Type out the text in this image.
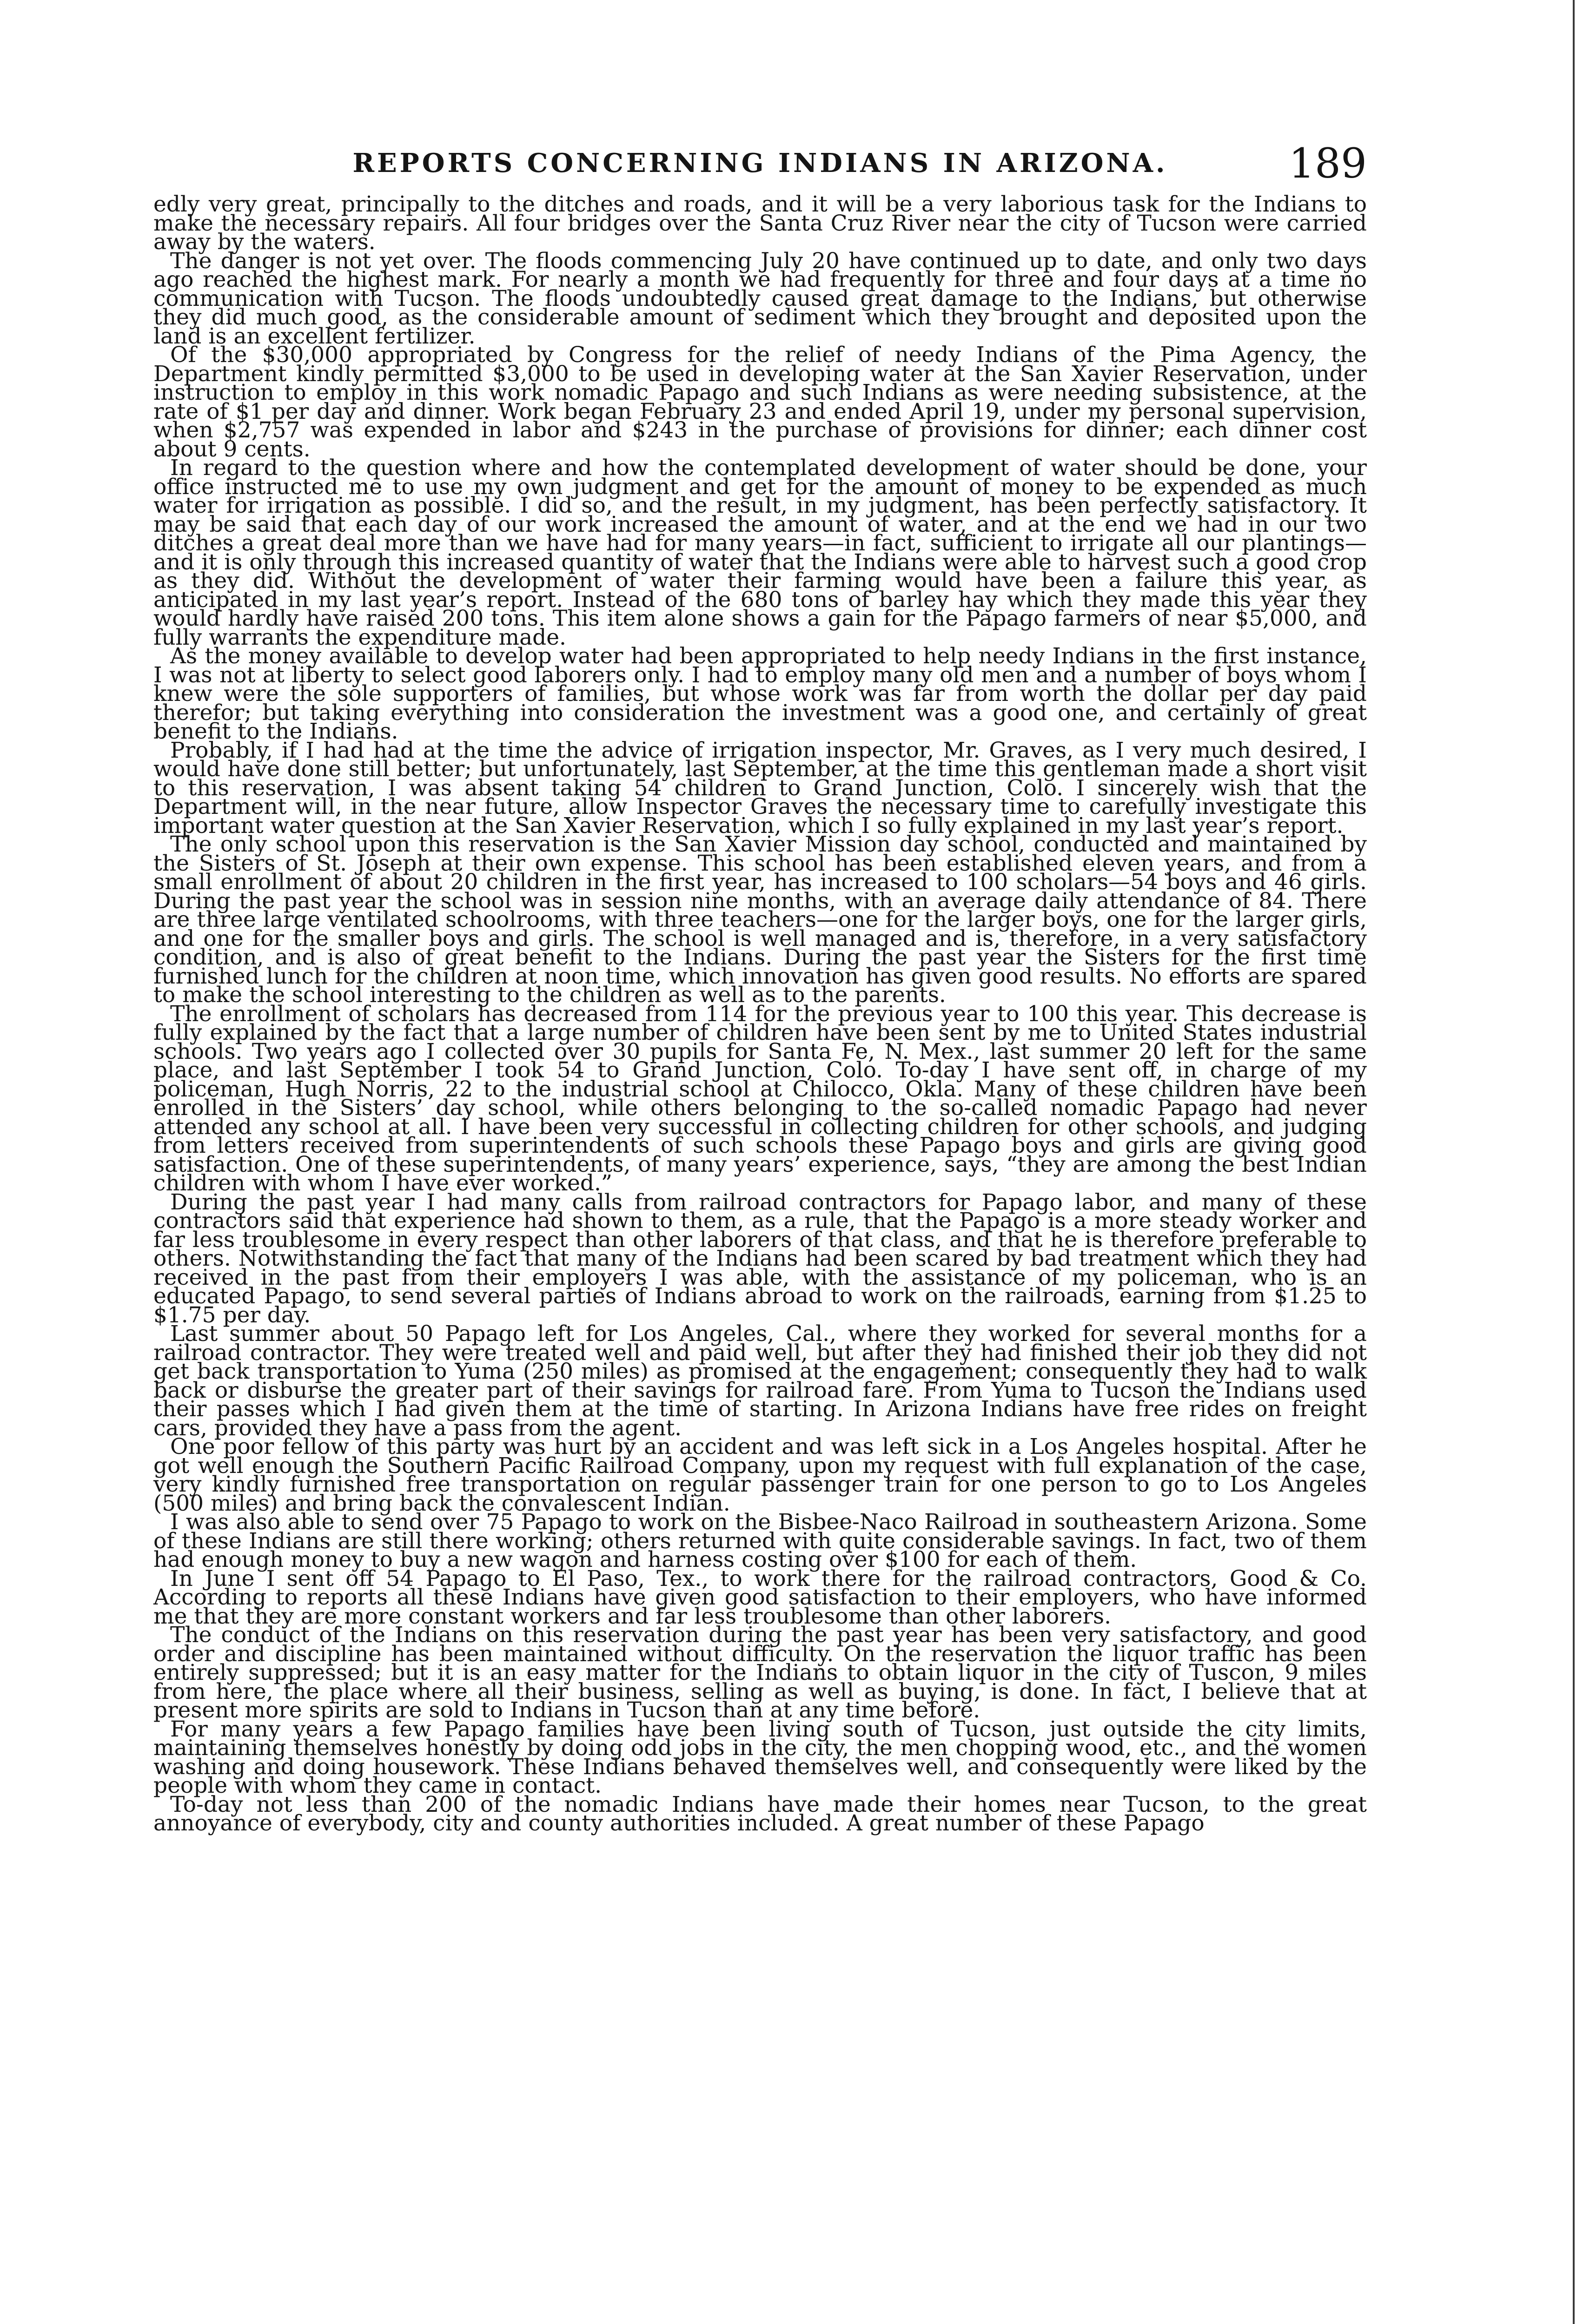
REPORTS CONCERNING INDIANS IN ARIZONA.	189

edly very great, principally to the ditches and roads, and it will be a very laborious task for the Indians to make the necessary repairs. All four bridges over the Santa Cruz River near the city of Tucson were carried away by the waters.

The danger is not yet over. The floods commencing July 20 have continued up to date, and only two days ago reached the highest mark. For nearly a month we had frequently for three and four days at a time no communication with Tucson. The floods undoubtedly caused great damage to the Indians, but otherwise they did much good, as the considerable amount of sediment which they brought and deposited upon the land is an excellent fertilizer.

Of the $30,000 appropriated by Congress for the relief of needy Indians of the Pima Agency, the Department kindly permitted $3,000 to be used in developing water at the San Xavier Reservation, under instruction to employ in this work nomadic Papago and such Indians as were needing subsistence, at the rate of $1 per day and dinner. Work began February 23 and ended April 19, under my personal supervision, when $2,757 was expended in labor and $243 in the purchase of provisions for dinner; each dinner cost about 9 cents.

In regard to the question where and how the contemplated development of water should be done, your office instructed me to use my own judgment and get for the amount of money to be expended as much water for irrigation as possible. I did so, and the result, in my judgment, has been perfectly satisfactory. It may be said that each day of our work increased the amount of water, and at the end we had in our two ditches a great deal more than we have had for many years—in fact, sufficient to irrigate all our plantings—and it is only through this increased quantity of water that the Indians were able to harvest such a good crop as they did. Without the development of water their farming would have been a failure this year, as anticipated in my last year’s report. Instead of the 680 tons of barley hay which they made this year they would hardly have raised 200 tons. This item alone shows a gain for the Papago farmers of near $5,000, and fully warrants the expenditure made.

As the money available to develop water had been appropriated to help needy Indians in the first instance, I was not at liberty to select good laborers only. I had to employ many old men and a number of boys whom I knew were the sole supporters of families, but whose work was far from worth the dollar per day paid therefor; but taking everything into consideration the investment was a good one, and certainly of great benefit to the Indians.

Probably, if I had had at the time the advice of irrigation inspector, Mr. Graves, as I very much desired, I would have done still better; but unfortunately, last September, at the time this gentleman made a short visit to this reservation, I was absent taking 54 children to Grand Junction, Colo. I sincerely wish that the Department will, in the near future, allow Inspector Graves the necessary time to carefully investigate this important water question at the San Xavier Reservation, which I so fully explained in my last year’s report.

The only school upon this reservation is the San Xavier Mission day school, conducted and maintained by the Sisters of St. Joseph at their own expense. This school has been established eleven years, and from a small enrollment of about 20 children in the first year, has increased to 100 scholars—54 boys and 46 girls. During the past year the school was in session nine months, with an average daily attendance of 84. There are three large ventilated schoolrooms, with three teachers—one for the larger boys, one for the larger girls, and one for the smaller boys and girls. The school is well managed and is, therefore, in a very satisfactory condition, and is also of great benefit to the Indians. During the past year the Sisters for the first time furnished lunch for the children at noon time, which innovation has given good results. No efforts are spared to make the school interesting to the children as well as to the parents.

The enrollment of scholars has decreased from 114 for the previous year to 100 this year. This decrease is fully explained by the fact that a large number of children have been sent by me to United States industrial schools. Two years ago I collected over 30 pupils for Santa Fe, N. Mex., last summer 20 left for the same place, and last September I took 54 to Grand Junction, Colo. To-day I have sent off, in charge of my policeman, Hugh Norris, 22 to the industrial school at Chilocco, Okla. Many of these children have been enrolled in the Sisters’ day school, while others belonging to the so-called nomadic Papago had never attended any school at all. I have been very successful in collecting children for other schools, and judging from letters received from superintendents of such schools these Papago boys and girls are giving good satisfaction. One of these superintendents, of many years’ experience, says, “they are among the best Indian children with whom I have ever worked.”

During the past year I had many calls from railroad contractors for Papago labor, and many of these contractors said that experience had shown to them, as a rule, that the Papago is a more steady worker and far less troublesome in every respect than other laborers of that class, and that he is therefore preferable to others. Notwithstanding the fact that many of the Indians had been scared by bad treatment which they had received in the past from their employers I was able, with the assistance of my policeman, who is an educated Papago, to send several parties of Indians abroad to work on the railroads, earning from $1.25 to $1.75 per day.

Last summer about 50 Papago left for Los Angeles, Cal., where they worked for several months for a railroad contractor. They were treated well and paid well, but after they had finished their job they did not get back transportation to Yuma (250 miles) as promised at the engagement; consequently they had to walk back or disburse the greater part of their savings for railroad fare. From Yuma to Tucson the Indians used their passes which I had given them at the time of starting. In Arizona Indians have free rides on freight cars, provided they have a pass from the agent.

One poor fellow of this party was hurt by an accident and was left sick in a Los Angeles hospital. After he got well enough the Southern Pacific Railroad Company, upon my request with full explanation of the case, very kindly furnished free transportation on regular passenger train for one person to go to Los Angeles (500 miles) and bring back the convalescent Indian.

I was also able to send over 75 Papago to work on the Bisbee-Naco Railroad in southeastern Arizona. Some of these Indians are still there working; others returned with quite considerable savings. In fact, two of them had enough money to buy a new wagon and harness costing over $100 for each of them.

In June I sent off 54 Papago to El Paso, Tex., to work there for the railroad contractors, Good & Co. According to reports all these Indians have given good satisfaction to their employers, who have informed me that they are more constant workers and far less troublesome than other laborers.

The conduct of the Indians on this reservation during the past year has been very satisfactory, and good order and discipline has been maintained without difficulty. On the reservation the liquor traffic has been entirely suppressed; but it is an easy matter for the Indians to obtain liquor in the city of Tuscon, 9 miles from here, the place where all their business, selling as well as buying, is done. In fact, I believe that at present more spirits are sold to Indians in Tucson than at any time before.

For many years a few Papago families have been living south of Tucson, just outside the city limits, maintaining themselves honestly by doing odd jobs in the city, the men chopping wood, etc., and the women washing and doing housework. These Indians behaved themselves well, and consequently were liked by the people with whom they came in contact.

To-day not less than 200 of the nomadic Indians have made their homes near Tucson, to the great annoyance of everybody, city and county authorities included. A great number of these Papago
